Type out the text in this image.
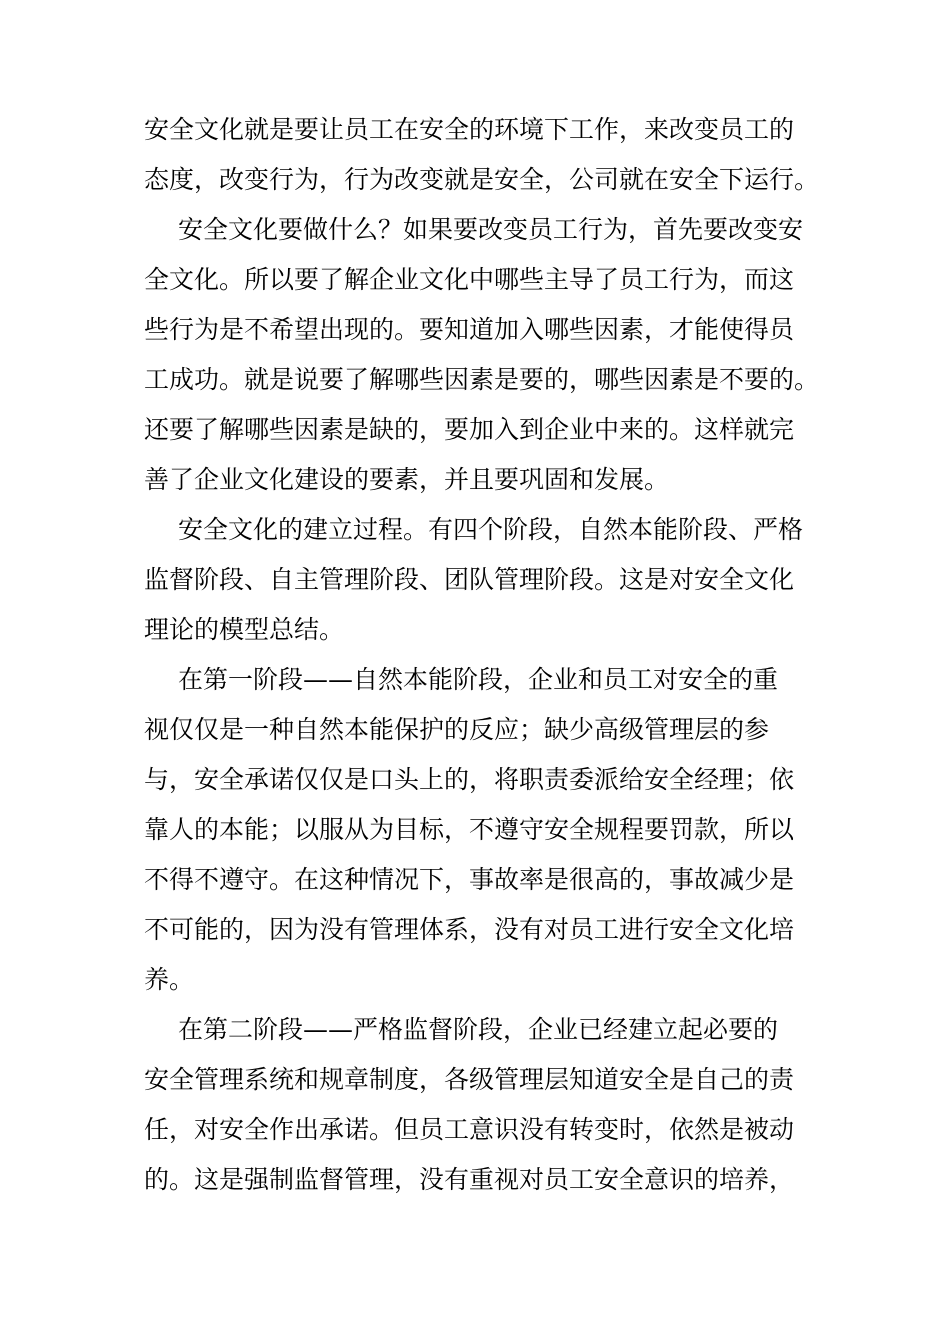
安全文化就是要让员工在安全的环境下工作，来改变员工的
态度，改变行为，行为改变就是安全，公司就在安全下运行。
安全文化要做什么？如果要改变员工行为，首先要改变安
全文化。所以要了解企业文化中哪些主导了员工行为，而这
些行为是不希望出现的。要知道加入哪些因素，才能使得员
工成功。就是说要了解哪些因素是要的，哪些因素是不要的。
还要了解哪些因素是缺的，要加入到企业中来的。这样就完
善了企业文化建设的要素，并且要巩固和发展。
安全文化的建立过程。有四个阶段，自然本能阶段、严格
监督阶段、自主管理阶段、团队管理阶段。这是对安全文化
理论的模型总结。
在第一阶段——自然本能阶段，企业和员工对安全的重
视仅仅是一种自然本能保护的反应；缺少高级管理层的参
与，安全承诺仅仅是口头上的，将职责委派给安全经理；依
靠人的本能；以服从为目标，不遵守安全规程要罚款，所以
不得不遵守。在这种情况下，事故率是很高的，事故减少是
不可能的，因为没有管理体系，没有对员工进行安全文化培
养。
在第二阶段——严格监督阶段，企业已经建立起必要的
安全管理系统和规章制度，各级管理层知道安全是自己的责
任，对安全作出承诺。但员工意识没有转变时，依然是被动
的。这是强制监督管理，没有重视对员工安全意识的培养，
